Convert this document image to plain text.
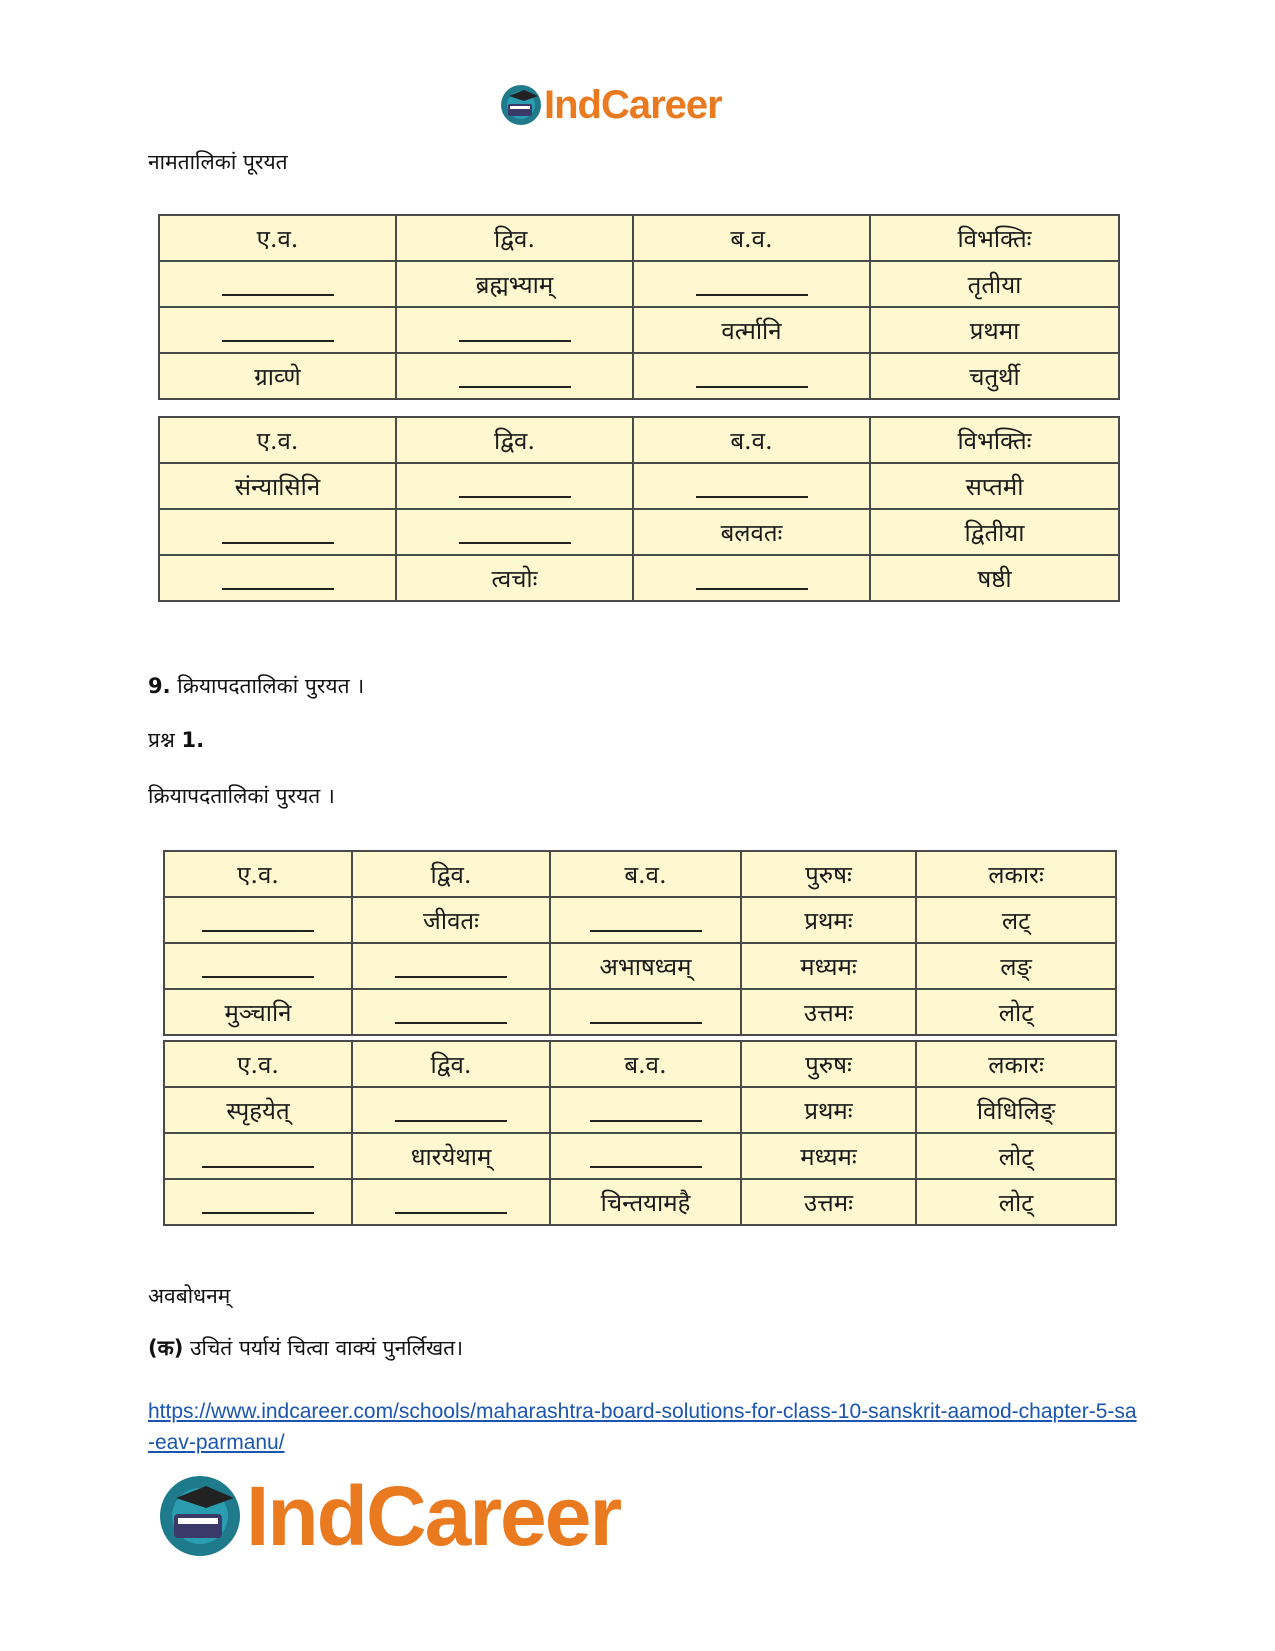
IndCareer
नामतालिकां पूरयत
ए.व.	द्विव.	ब.व.	विभक्तिः
	ब्रह्मभ्याम्		तृतीया
		वर्त्मानि	प्रथमा
ग्राव्णे			चतुर्थी
ए.व.	द्विव.	ब.व.	विभक्तिः
संन्यासिनि			सप्तमी
		बलवतः	द्वितीया
	त्वचोः		षष्ठी
9. क्रियापदतालिकां पुरयत ।
प्रश्न 1.
क्रियापदतालिकां पुरयत ।
ए.व.	द्विव.	ब.व.	पुरुषः	लकारः
	जीवतः		प्रथमः	लट्
		अभाषध्वम्	मध्यमः	लङ्
मुञ्चानि			उत्तमः	लोट्
ए.व.	द्विव.	ब.व.	पुरुषः	लकारः
स्पृहयेत्			प्रथमः	विधिलिङ्
	धारयेथाम्		मध्यमः	लोट्
		चिन्तयामहै	उत्तमः	लोट्
अवबोधनम्
(क) उचितं पर्यायं चित्वा वाक्यं पुनर्लिखत।
https://www.indcareer.com/schools/maharashtra-board-solutions-for-class-10-sanskrit-aamod-chapter-5-sa-eav-parmanu/
IndCareer
